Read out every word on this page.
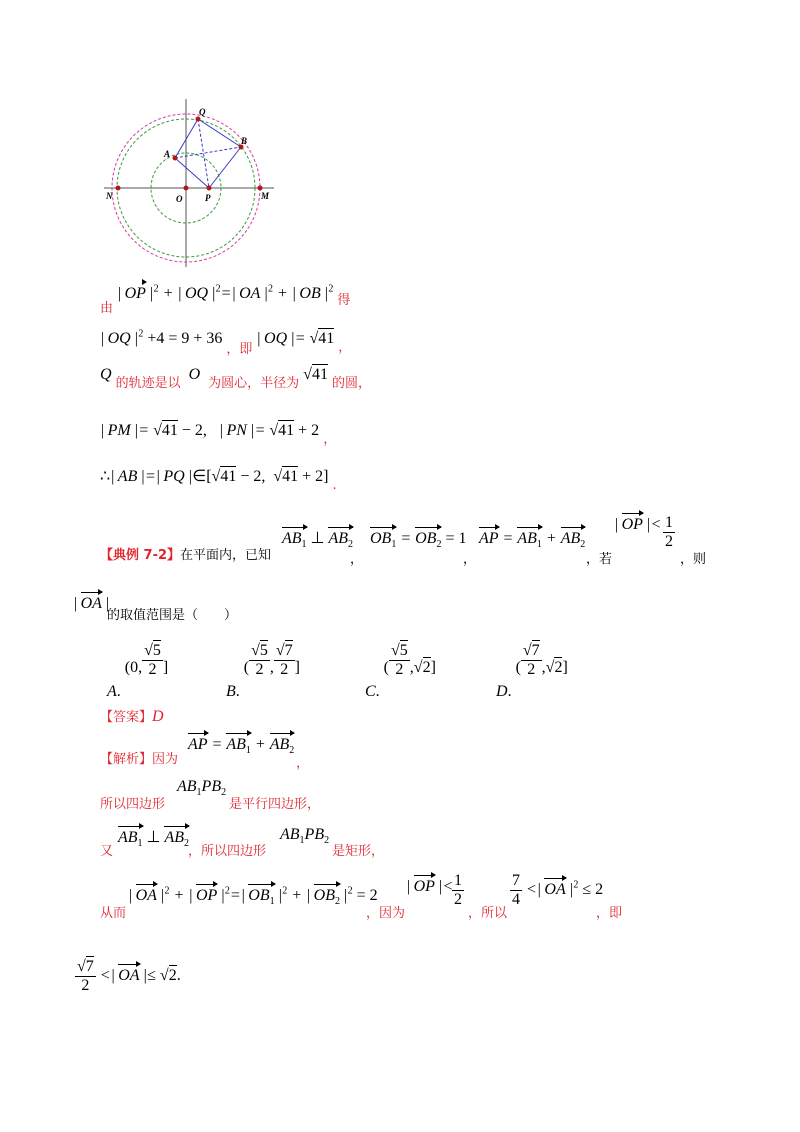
Q
B
A
N	O	P	M
$_由$ | OP $|^2$ + | OQ $|^2=|$ OA $|^2$ + | OB $|^2$ $_得$
| OQ $|^2 +4 = 9 + 36$ $_{,即}$ | OQ |= √41 $_,$
Q 的轨迹是以  O  为圆心，半径为 √41 的圆，
| PM |= √41 − 2,   | PN |= √41 + 2 $_,$
∴| AB |=| PQ |∈[√41 − 2,  √41 + 2] $_.$
【典例 7-2】在平面内，已知
$AB_1$ ⊥ $AB_2$
，
$OB_1 = OB_2 = 1$
，
AP = $AB_1 + AB_2$
，若
| OP |< $\frac{1}{2}$
，则
| OA |
的取值范围是（　　）
A. (0, $\frac{√5}{2}$ ]
B. ( $\frac{√5}{2}$ , $\frac{√7}{2}$ ]
C. ( $\frac{√5}{2} ,√2$]
D. ( $\frac{√7}{2} ,√2$]
【答案】D
【解析】因为
AP = $AB_1 + AB_2$
，
所以四边形
$AB_1PB_2$
是平行四边形，
又
$AB_1$ ⊥ $AB_2$
，所以四边形
$AB_1PB_2$
是矩形，
从而
| OA $|^2$ + | OP $|^2=|$ $OB_1$ $|^2$ + | $OB_2$ $|^2 = 2$
，因为
| OP |<
$\frac{1}{2}$
，所以
$\frac{7}{4}$ <| OA $|^2 \le 2$
，即
$\frac{√7}{2}$ <| OA |≤ √2.
